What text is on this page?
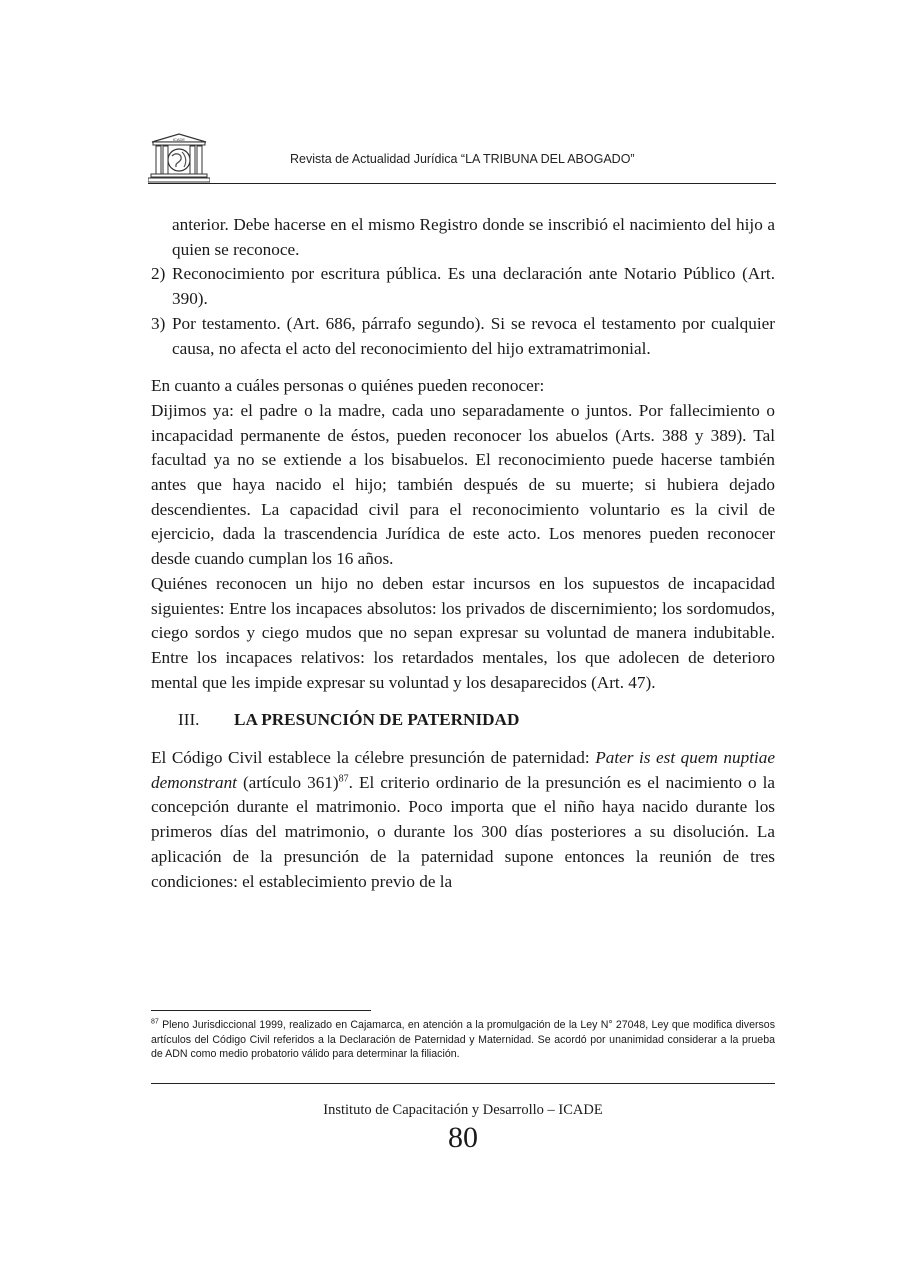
ICADE
Revista de Actualidad Jurídica “LA TRIBUNA DEL ABOGADO”

anterior. Debe hacerse en el mismo Registro donde se inscribió el nacimiento del hijo a quien se reconoce.

2) Reconocimiento por escritura pública. Es una declaración ante Notario Público (Art. 390).
3) Por testamento. (Art. 686, párrafo segundo). Si se revoca el testamento por cualquier causa, no afecta el acto del reconocimiento del hijo extramatrimonial.

En cuanto a cuáles personas o quiénes pueden reconocer:

Dijimos ya: el padre o la madre, cada uno separadamente o juntos. Por fallecimiento o incapacidad permanente de éstos, pueden reconocer los abuelos (Arts. 388 y 389). Tal facultad ya no se extiende a los bisabuelos. El reconocimiento puede hacerse también antes que haya nacido el hijo; también después de su muerte; si hubiera dejado descendientes. La capacidad civil para el reconocimiento voluntario es la civil de ejercicio, dada la trascendencia Jurídica de este acto. Los menores pueden reconocer desde cuando cumplan los 16 años.

Quiénes reconocen un hijo no deben estar incursos en los supuestos de incapacidad siguientes: Entre los incapaces absolutos: los privados de discernimiento; los sordomudos, ciego sordos y ciego mudos que no sepan expresar su voluntad de manera indubitable. Entre los incapaces relativos: los retardados mentales, los que adolecen de deterioro mental que les impide expresar su voluntad y los desaparecidos (Art. 47).

III. LA PRESUNCIÓN DE PATERNIDAD

El Código Civil establece la célebre presunción de paternidad: Pater is est quem nuptiae demonstrant (artículo 361)$^{87}$. El criterio ordinario de la presunción es el nacimiento o la concepción durante el matrimonio. Poco importa que el niño haya nacido durante los primeros días del matrimonio, o durante los 300 días posteriores a su disolución. La aplicación de la presunción de la paternidad supone entonces la reunión de tres condiciones: el establecimiento previo de la

$^{87}$ Pleno Jurisdiccional 1999, realizado en Cajamarca, en atención a la promulgación de la Ley N° 27048, Ley que modifica diversos artículos del Código Civil referidos a la Declaración de Paternidad y Maternidad. Se acordó por unanimidad considerar a la prueba de ADN como medio probatorio válido para determinar la filiación.
Instituto de Capacitación y Desarrollo – ICADE
80
